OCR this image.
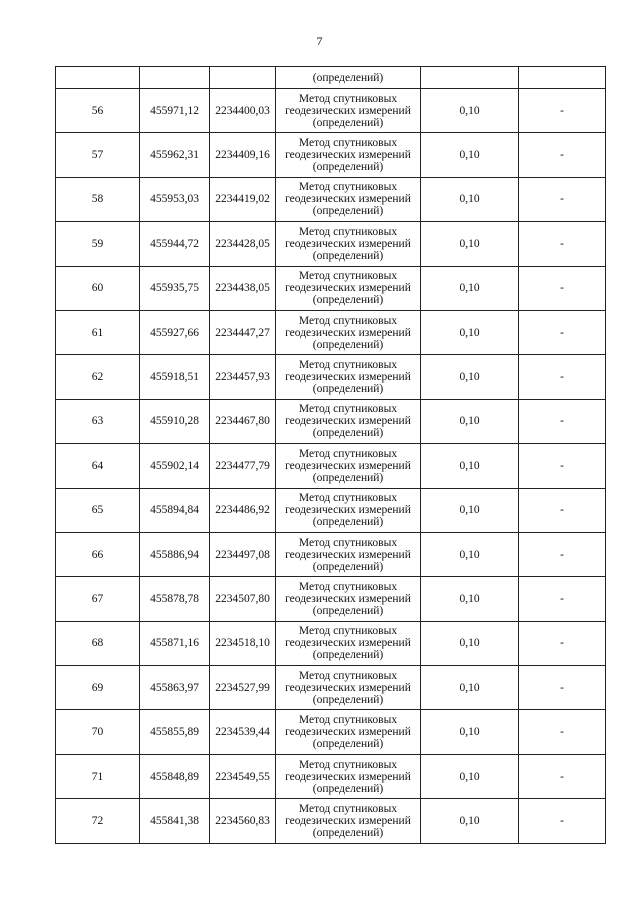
7
			(определений)		
56	455971,12	2234400,03	Метод спутниковых
геодезических измерений
(определений)	0,10	-
57	455962,31	2234409,16	Метод спутниковых
геодезических измерений
(определений)	0,10	-
58	455953,03	2234419,02	Метод спутниковых
геодезических измерений
(определений)	0,10	-
59	455944,72	2234428,05	Метод спутниковых
геодезических измерений
(определений)	0,10	-
60	455935,75	2234438,05	Метод спутниковых
геодезических измерений
(определений)	0,10	-
61	455927,66	2234447,27	Метод спутниковых
геодезических измерений
(определений)	0,10	-
62	455918,51	2234457,93	Метод спутниковых
геодезических измерений
(определений)	0,10	-
63	455910,28	2234467,80	Метод спутниковых
геодезических измерений
(определений)	0,10	-
64	455902,14	2234477,79	Метод спутниковых
геодезических измерений
(определений)	0,10	-
65	455894,84	2234486,92	Метод спутниковых
геодезических измерений
(определений)	0,10	-
66	455886,94	2234497,08	Метод спутниковых
геодезических измерений
(определений)	0,10	-
67	455878,78	2234507,80	Метод спутниковых
геодезических измерений
(определений)	0,10	-
68	455871,16	2234518,10	Метод спутниковых
геодезических измерений
(определений)	0,10	-
69	455863,97	2234527,99	Метод спутниковых
геодезических измерений
(определений)	0,10	-
70	455855,89	2234539,44	Метод спутниковых
геодезических измерений
(определений)	0,10	-
71	455848,89	2234549,55	Метод спутниковых
геодезических измерений
(определений)	0,10	-
72	455841,38	2234560,83	Метод спутниковых
геодезических измерений
(определений)	0,10	-
